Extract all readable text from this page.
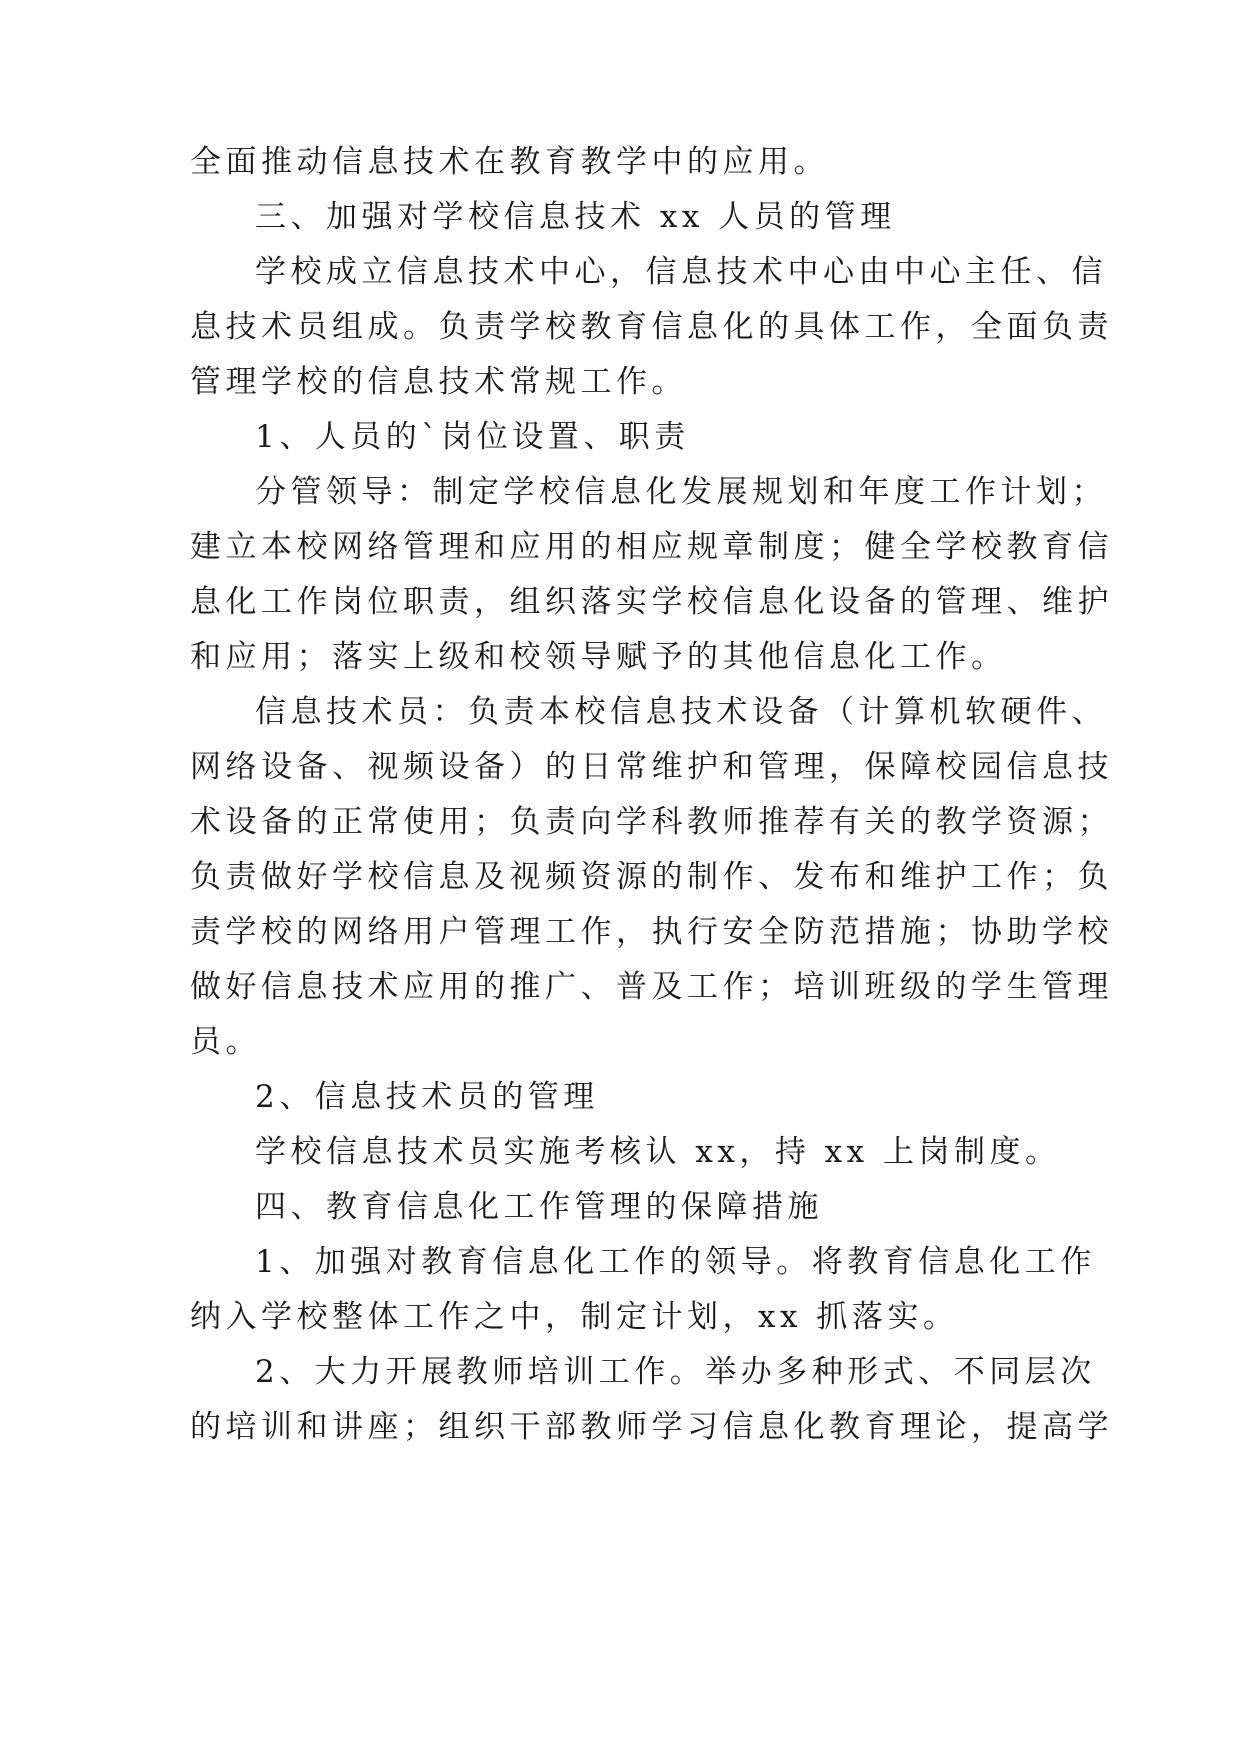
全面推动信息技术在教育教学中的应用。
三、加强对学校信息技术 xx 人员的管理
学校成立信息技术中心，信息技术中心由中心主任、信
息技术员组成。负责学校教育信息化的具体工作，全面负责
管理学校的信息技术常规工作。
1、人员的`岗位设置、职责
分管领导：制定学校信息化发展规划和年度工作计划；
建立本校网络管理和应用的相应规章制度；健全学校教育信
息化工作岗位职责，组织落实学校信息化设备的管理、维护
和应用；落实上级和校领导赋予的其他信息化工作。
信息技术员：负责本校信息技术设备（计算机软硬件、
网络设备、视频设备）的日常维护和管理，保障校园信息技
术设备的正常使用；负责向学科教师推荐有关的教学资源；
负责做好学校信息及视频资源的制作、发布和维护工作；负
责学校的网络用户管理工作，执行安全防范措施；协助学校
做好信息技术应用的推广、普及工作；培训班级的学生管理
员。
2、信息技术员的管理
学校信息技术员实施考核认 xx，持 xx 上岗制度。
四、教育信息化工作管理的保障措施
1、加强对教育信息化工作的领导。将教育信息化工作
纳入学校整体工作之中，制定计划，xx 抓落实。
2、大力开展教师培训工作。举办多种形式、不同层次
的培训和讲座；组织干部教师学习信息化教育理论，提高学
